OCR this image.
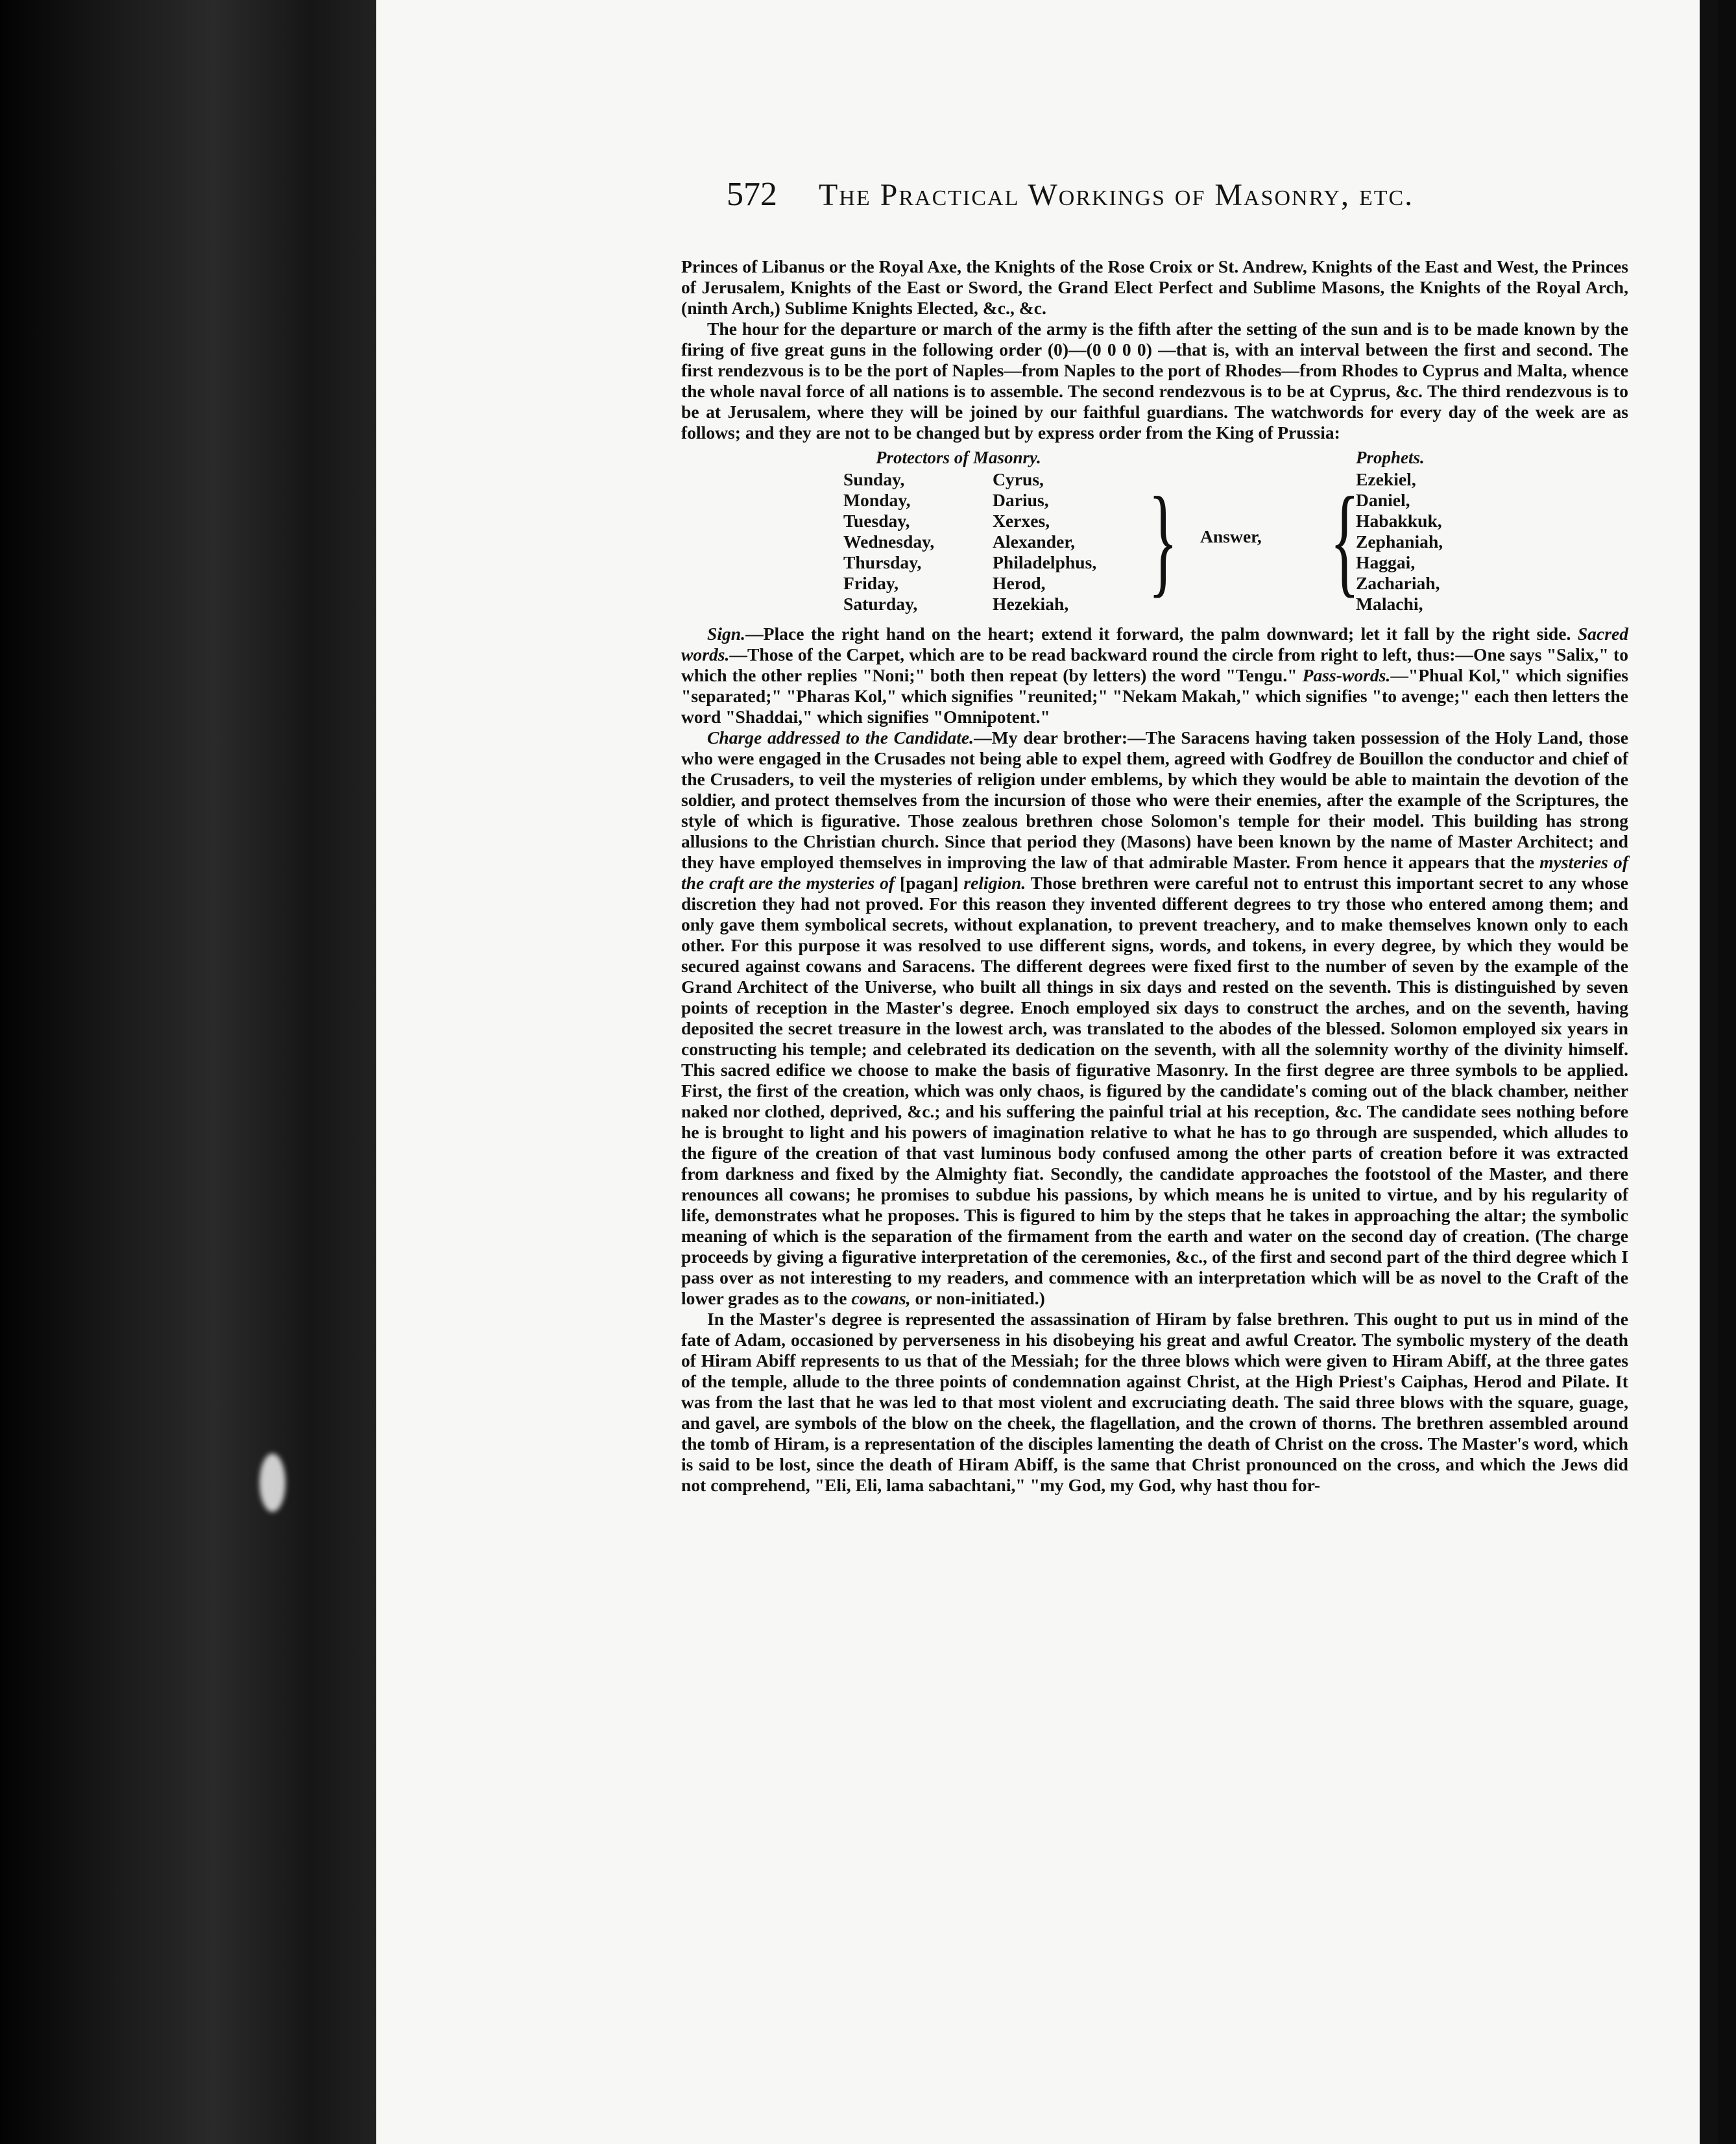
572 The Practical Workings of Masonry, etc.

Princes of Libanus or the Royal Axe, the Knights of the Rose Croix or St. Andrew, Knights of the East and West, the Princes of Jerusalem, Knights of the East or Sword, the Grand Elect Perfect and Sublime Masons, the Knights of the Royal Arch, (ninth Arch,) Sublime Knights Elected, &c., &c.

The hour for the departure or march of the army is the fifth after the setting of the sun and is to be made known by the firing of five great guns in the following order (0)—(0 0 0 0) —that is, with an interval between the first and second. The first rendezvous is to be the port of Naples—from Naples to the port of Rhodes—from Rhodes to Cyprus and Malta, whence the whole naval force of all nations is to assemble. The second rendezvous is to be at Cyprus, &c. The third rendezvous is to be at Jerusalem, where they will be joined by our faithful guardians. The watchwords for every day of the week are as follows; and they are not to be changed but by express order from the King of Prussia:

Protectors of Masonry.	Prophets.
Sunday,
Monday,
Tuesday,
Wednesday,
Thursday,
Friday,
Saturday,
Cyrus,
Darius,
Xerxes,
Alexander,
Philadelphus,
Herod,
Hezekiah, } Answer, {
Ezekiel,
Daniel,
Habakkuk,
Zephaniah,
Haggai,
Zachariah,
Malachi,

Sign.—Place the right hand on the heart; extend it forward, the palm downward; let it fall by the right side. Sacred words.—Those of the Carpet, which are to be read backward round the circle from right to left, thus:—One says "Salix," to which the other replies "Noni;" both then repeat (by letters) the word "Tengu." Pass-words.—"Phual Kol," which signifies "separated;" "Pharas Kol," which signifies "reunited;" "Nekam Makah," which signifies "to avenge;" each then letters the word "Shaddai," which signifies "Omnipotent."

Charge addressed to the Candidate.—My dear brother:—The Saracens having taken possession of the Holy Land, those who were engaged in the Crusades not being able to expel them, agreed with Godfrey de Bouillon the conductor and chief of the Crusaders, to veil the mysteries of religion under emblems, by which they would be able to maintain the devotion of the soldier, and protect themselves from the incursion of those who were their enemies, after the example of the Scriptures, the style of which is figurative. Those zealous brethren chose Solomon's temple for their model. This building has strong allusions to the Christian church. Since that period they (Masons) have been known by the name of Master Architect; and they have employed themselves in improving the law of that admirable Master. From hence it appears that the mysteries of the craft are the mysteries of [pagan] religion. Those brethren were careful not to entrust this important secret to any whose discretion they had not proved. For this reason they invented different degrees to try those who entered among them; and only gave them symbolical secrets, without explanation, to prevent treachery, and to make themselves known only to each other. For this purpose it was resolved to use different signs, words, and tokens, in every degree, by which they would be secured against cowans and Saracens. The different degrees were fixed first to the number of seven by the example of the Grand Architect of the Universe, who built all things in six days and rested on the seventh. This is distinguished by seven points of reception in the Master's degree. Enoch employed six days to construct the arches, and on the seventh, having deposited the secret treasure in the lowest arch, was translated to the abodes of the blessed. Solomon employed six years in constructing his temple; and celebrated its dedication on the seventh, with all the solemnity worthy of the divinity himself. This sacred edifice we choose to make the basis of figurative Masonry. In the first degree are three symbols to be applied. First, the first of the creation, which was only chaos, is figured by the candidate's coming out of the black chamber, neither naked nor clothed, deprived, &c.; and his suffering the painful trial at his reception, &c. The candidate sees nothing before he is brought to light and his powers of imagination relative to what he has to go through are suspended, which alludes to the figure of the creation of that vast luminous body confused among the other parts of creation before it was extracted from darkness and fixed by the Almighty fiat. Secondly, the candidate approaches the footstool of the Master, and there renounces all cowans; he promises to subdue his passions, by which means he is united to virtue, and by his regularity of life, demonstrates what he proposes. This is figured to him by the steps that he takes in approaching the altar; the symbolic meaning of which is the separation of the firmament from the earth and water on the second day of creation. (The charge proceeds by giving a figurative interpretation of the ceremonies, &c., of the first and second part of the third degree which I pass over as not interesting to my readers, and commence with an interpretation which will be as novel to the Craft of the lower grades as to the cowans, or non-initiated.)

In the Master's degree is represented the assassination of Hiram by false brethren. This ought to put us in mind of the fate of Adam, occasioned by perverseness in his disobeying his great and awful Creator. The symbolic mystery of the death of Hiram Abiff represents to us that of the Messiah; for the three blows which were given to Hiram Abiff, at the three gates of the temple, allude to the three points of condemnation against Christ, at the High Priest's Caiphas, Herod and Pilate. It was from the last that he was led to that most violent and excruciating death. The said three blows with the square, guage, and gavel, are symbols of the blow on the cheek, the flagellation, and the crown of thorns. The brethren assembled around the tomb of Hiram, is a representation of the disciples lamenting the death of Christ on the cross. The Master's word, which is said to be lost, since the death of Hiram Abiff, is the same that Christ pronounced on the cross, and which the Jews did not comprehend, "Eli, Eli, lama sabachtani," "my God, my God, why hast thou for-
